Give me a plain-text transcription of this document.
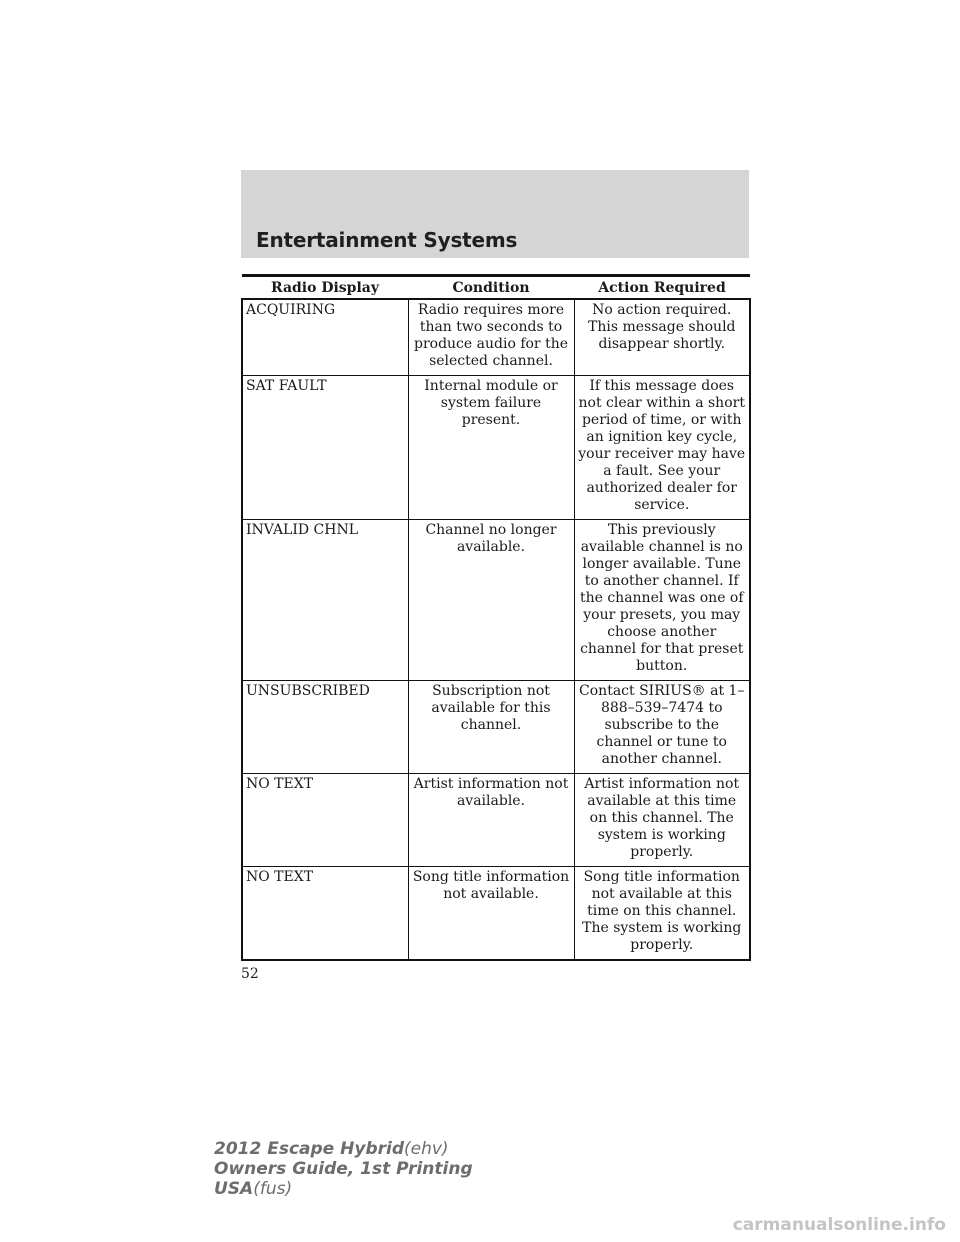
Entertainment Systems
Radio Display	Condition	Action Required
ACQUIRING	Radio requires more than two seconds to produce audio for the selected channel.	No action required. This message should disappear shortly.
SAT FAULT	Internal module or system failure present.	If this message does not clear within a short period of time, or with an ignition key cycle, your receiver may have a fault. See your authorized dealer for service.
INVALID CHNL	Channel no longer available.	This previously available channel is no longer available. Tune to another channel. If the channel was one of your presets, you may choose another channel for that preset button.
UNSUBSCRIBED	Subscription not available for this channel.	Contact SIRIUS® at 1–888–539–7474 to subscribe to the channel or tune to another channel.
NO TEXT	Artist information not available.	Artist information not available at this time on this channel. The system is working properly.
NO TEXT	Song title information not available.	Song title information not available at this time on this channel. The system is working properly.
52
2012 Escape Hybrid(ehv)
Owners Guide, 1st Printing
USA(fus)
carmanualsonline.info
